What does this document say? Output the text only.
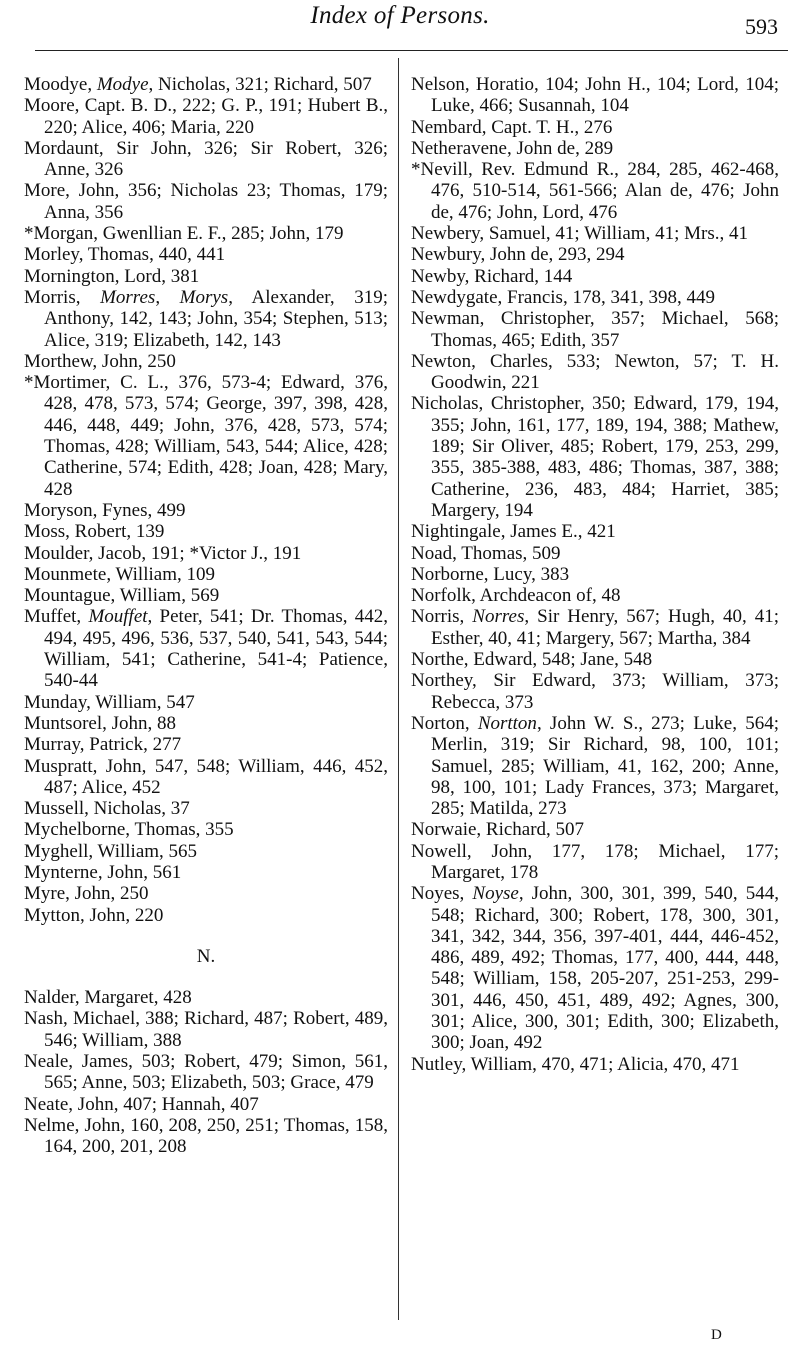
Index of Persons.	593
Moodye, Modye, Nicholas, 321; Richard, 507
Moore, Capt. B. D., 222; G. P., 191; Hubert B., 220; Alice, 406; Maria, 220
Mordaunt, Sir John, 326; Sir Robert, 326; Anne, 326
More, John, 356; Nicholas 23; Thomas, 179; Anna, 356
*Morgan, Gwenllian E. F., 285; John, 179
Morley, Thomas, 440, 441
Mornington, Lord, 381
Morris, Morres, Morys, Alexander, 319; Anthony, 142, 143; John, 354; Stephen, 513; Alice, 319; Elizabeth, 142, 143
Morthew, John, 250
*Mortimer, C. L., 376, 573-4; Edward, 376, 428, 478, 573, 574; George, 397, 398, 428, 446, 448, 449; John, 376, 428, 573, 574; Thomas, 428; William, 543, 544; Alice, 428; Catherine, 574; Edith, 428; Joan, 428; Mary, 428
Moryson, Fynes, 499
Moss, Robert, 139
Moulder, Jacob, 191; *Victor J., 191
Mounmete, William, 109
Mountague, William, 569
Muffet, Mouffet, Peter, 541; Dr. Thomas, 442, 494, 495, 496, 536, 537, 540, 541, 543, 544; William, 541; Catherine, 541-4; Patience, 540-44
Munday, William, 547
Muntsorel, John, 88
Murray, Patrick, 277
Muspratt, John, 547, 548; William, 446, 452, 487; Alice, 452
Mussell, Nicholas, 37
Mychelborne, Thomas, 355
Myghell, William, 565
Mynterne, John, 561
Myre, John, 250
Mytton, John, 220
N.
Nalder, Margaret, 428
Nash, Michael, 388; Richard, 487; Robert, 489, 546; William, 388
Neale, James, 503; Robert, 479; Simon, 561, 565; Anne, 503; Elizabeth, 503; Grace, 479
Neate, John, 407; Hannah, 407
Nelme, John, 160, 208, 250, 251; Thomas, 158, 164, 200, 201, 208
Nelson, Horatio, 104; John H., 104; Lord, 104; Luke, 466; Susannah, 104
Nembard, Capt. T. H., 276
Netheravene, John de, 289
*Nevill, Rev. Edmund R., 284, 285, 462-468, 476, 510-514, 561-566; Alan de, 476; John de, 476; John, Lord, 476
Newbery, Samuel, 41; William, 41; Mrs., 41
Newbury, John de, 293, 294
Newby, Richard, 144
Newdygate, Francis, 178, 341, 398, 449
Newman, Christopher, 357; Michael, 568; Thomas, 465; Edith, 357
Newton, Charles, 533; Newton, 57; T. H. Goodwin, 221
Nicholas, Christopher, 350; Edward, 179, 194, 355; John, 161, 177, 189, 194, 388; Mathew, 189; Sir Oliver, 485; Robert, 179, 253, 299, 355, 385-388, 483, 486; Thomas, 387, 388; Catherine, 236, 483, 484; Harriet, 385; Margery, 194
Nightingale, James E., 421
Noad, Thomas, 509
Norborne, Lucy, 383
Norfolk, Archdeacon of, 48
Norris, Norres, Sir Henry, 567; Hugh, 40, 41; Esther, 40, 41; Margery, 567; Martha, 384
Northe, Edward, 548; Jane, 548
Northey, Sir Edward, 373; William, 373; Rebecca, 373
Norton, Nortton, John W. S., 273; Luke, 564; Merlin, 319; Sir Richard, 98, 100, 101; Samuel, 285; William, 41, 162, 200; Anne, 98, 100, 101; Lady Frances, 373; Margaret, 285; Matilda, 273
Norwaie, Richard, 507
Nowell, John, 177, 178; Michael, 177; Margaret, 178
Noyes, Noyse, John, 300, 301, 399, 540, 544, 548; Richard, 300; Robert, 178, 300, 301, 341, 342, 344, 356, 397-401, 444, 446-452, 486, 489, 492; Thomas, 177, 400, 444, 448, 548; William, 158, 205-207, 251-253, 299-301, 446, 450, 451, 489, 492; Agnes, 300, 301; Alice, 300, 301; Edith, 300; Elizabeth, 300; Joan, 492
Nutley, William, 470, 471; Alicia, 470, 471
D
